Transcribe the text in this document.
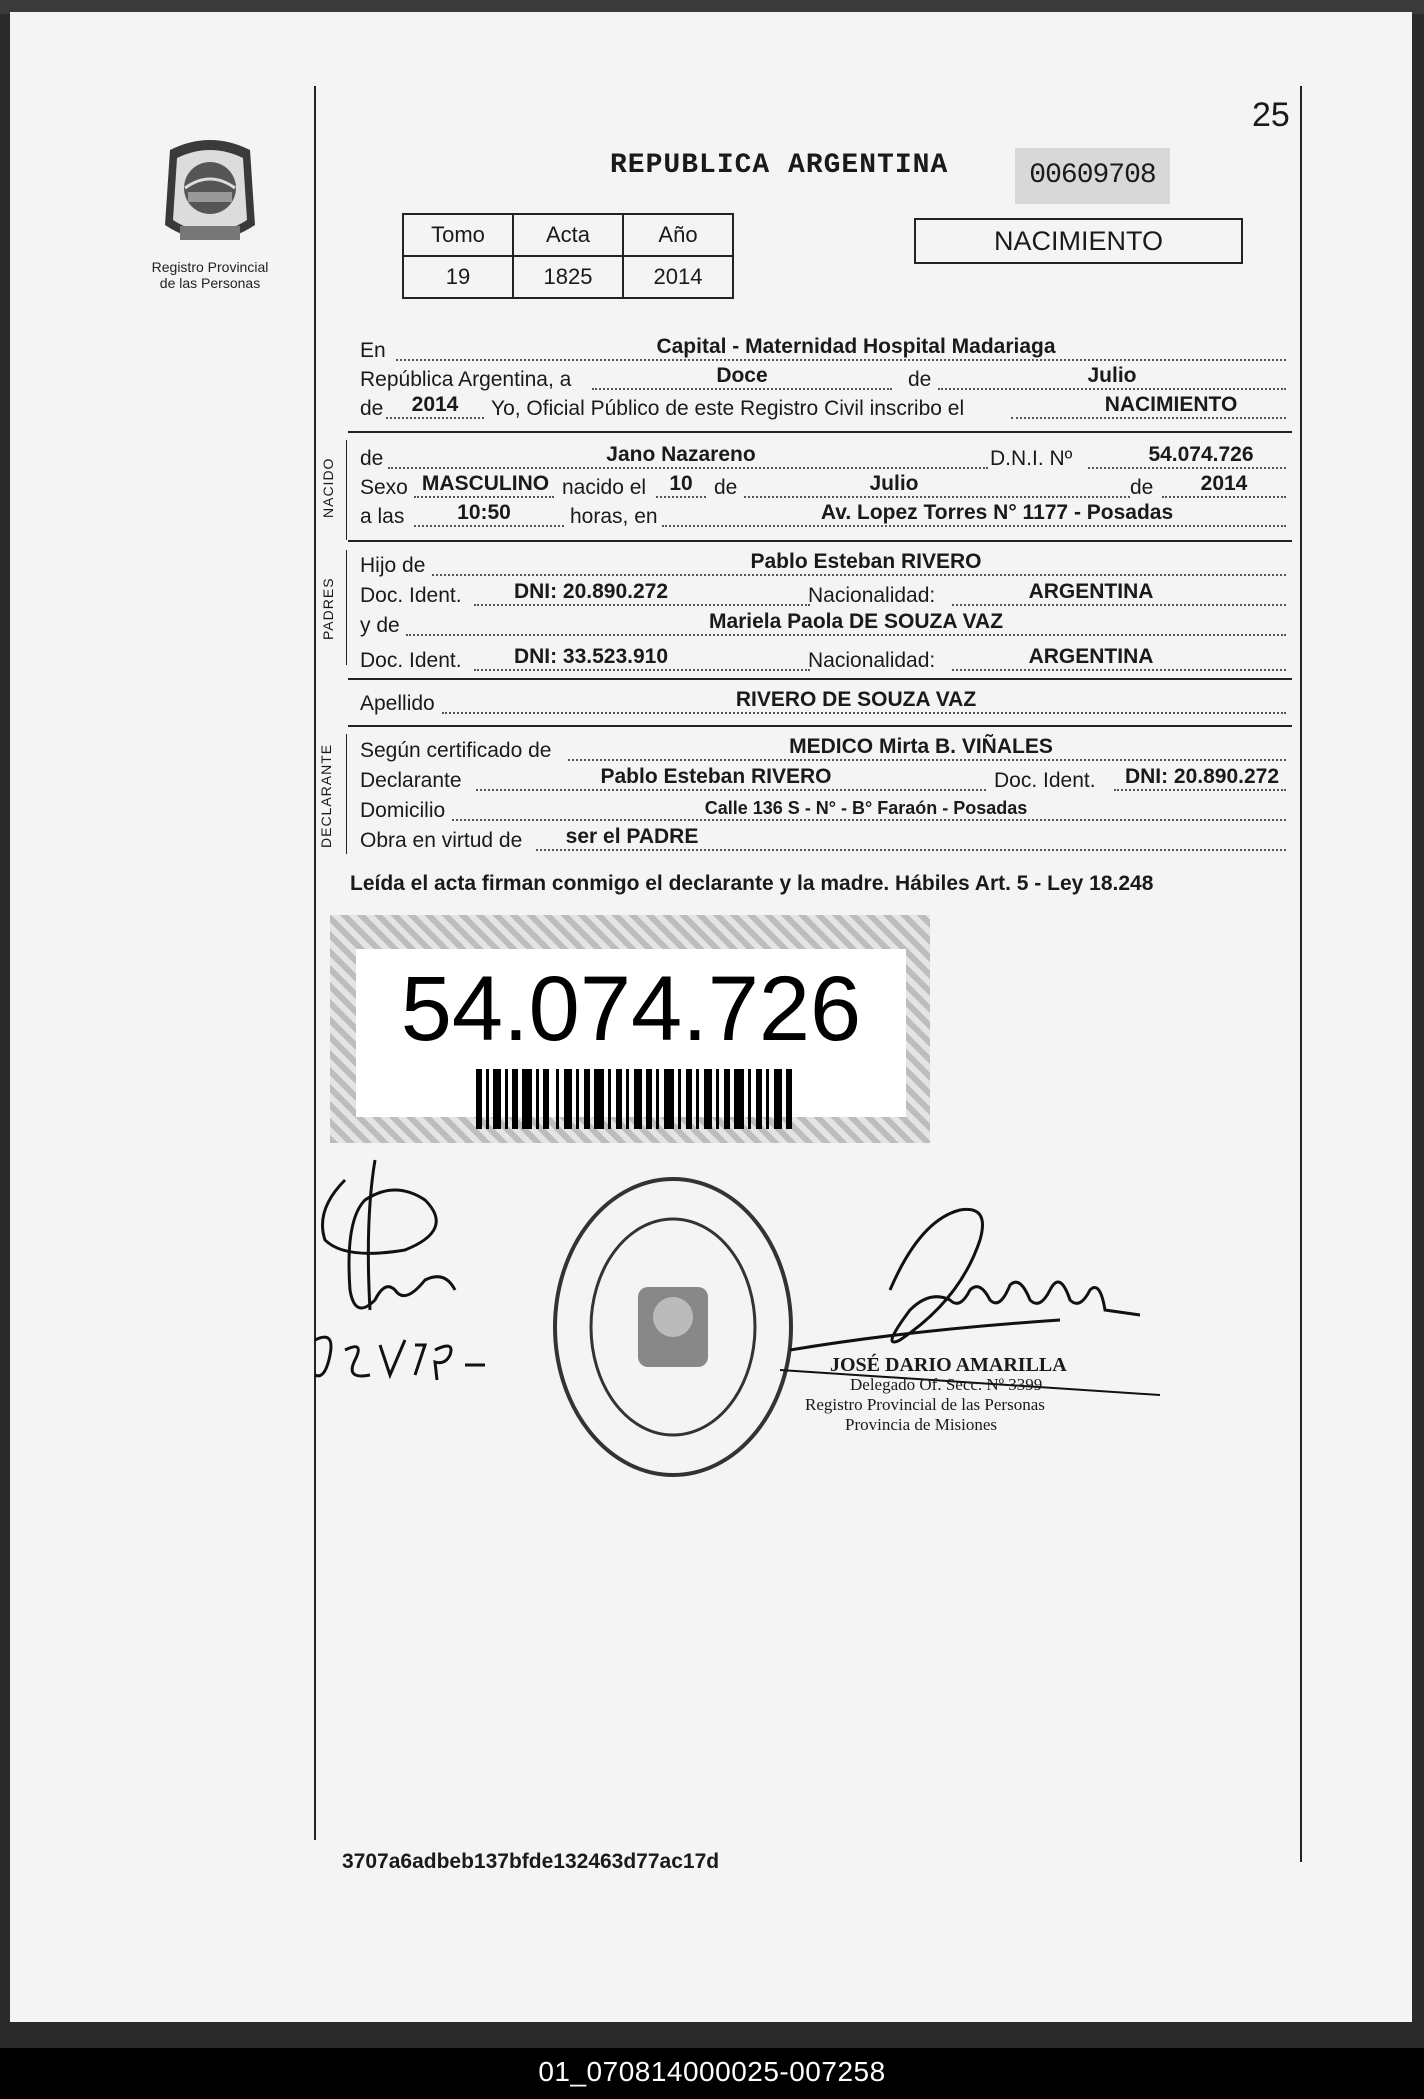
25
Registro Provincial
de las Personas
REPUBLICA ARGENTINA	00609708
Tomo	Acta	Año
19	1825	2014
NACIMIENTO
En	Capital - Maternidad Hospital Madariaga
República Argentina, a	Doce	de	Julio
de	2014	Yo, Oficial Público de este Registro Civil inscribo el	NACIMIENTO
NACIDO de	Jano Nazareno	D.N.I. Nº	54.074.726
Sexo MASCULINO nacido el	10	de	Julio	de	2014
a las	10:50	horas, en	Av. Lopez Torres N° 1177 - Posadas
PADRES
Hijo de	Pablo Esteban RIVERO
Doc. Ident.	DNI: 20.890.272	Nacionalidad:	ARGENTINA
y de	Mariela Paola DE SOUZA VAZ
Doc. Ident.	DNI: 33.523.910	Nacionalidad:	ARGENTINA
Apellido	RIVERO DE SOUZA VAZ
DECLARANTE Según certificado de	MEDICO Mirta B. VIÑALES
Declarante	Pablo Esteban RIVERO	Doc. Ident.	DNI: 20.890.272
Domicilio	Calle 136 S - N° - B° Faraón - Posadas
Obra en virtud de	ser el PADRE
Leída el acta firman conmigo el declarante y la madre. Hábiles Art. 5 - Ley 18.248
54.074.726
JOSÉ DARIO AMARILLA
Delegado Of. Secc. Nº 3399
Registro Provincial de las Personas
Provincia de Misiones
3707a6adbeb137bfde132463d77ac17d
01_070814000025-007258
